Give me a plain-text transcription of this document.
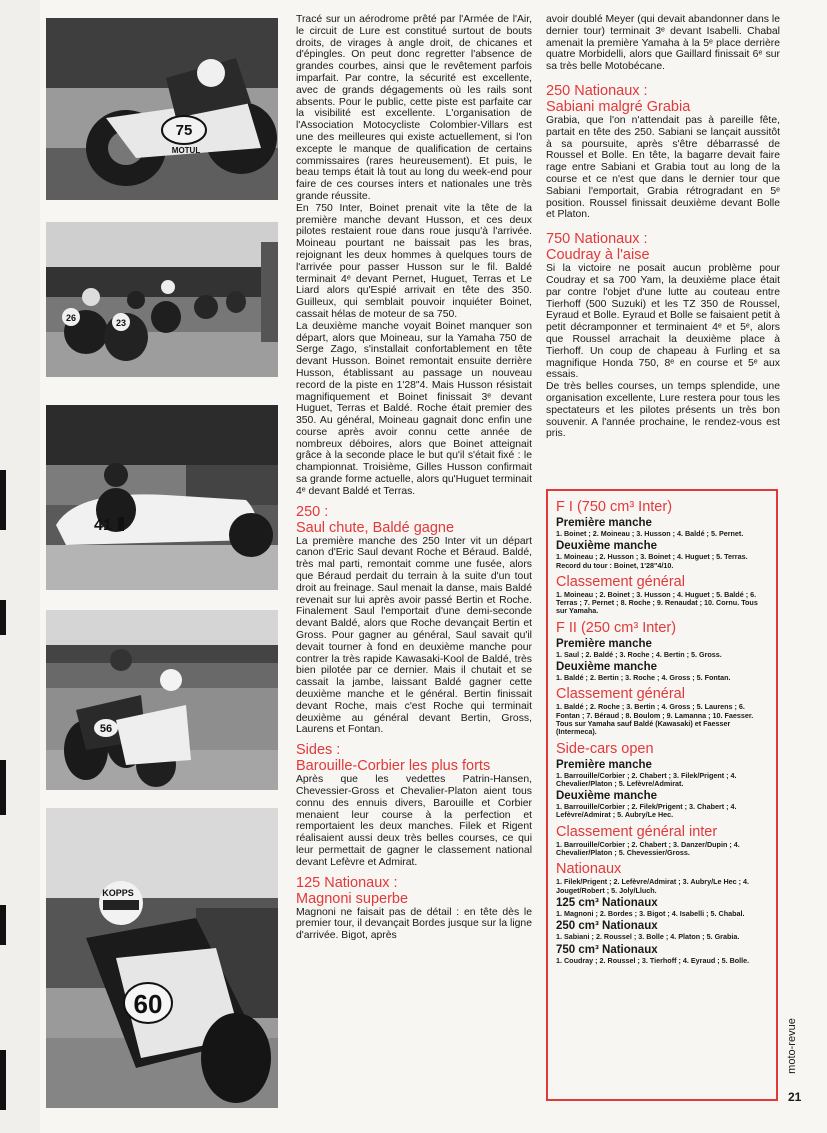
75
MOTUL
26	23
41
56
KOPPS
60

Tracé sur un aérodrome prêté par l'Armée de l'Air, le circuit de Lure est constitué surtout de bouts droits, de virages à angle droit, de chicanes et d'épingles. On peut donc regretter l'absence de grandes courbes, ainsi que le revêtement parfois imparfait. Par contre, la sécurité est excellente, avec de grands dégagements où les rails sont absents. Pour le public, cette piste est parfaite car la visibilité est excellente. L'organisation de l'Association Motocycliste Colombier-Villars est une des meilleures qui existe actuellement, si l'on excepte le manque de qualification de certains commissaires (rares heureusement). Et puis, le beau temps était là tout au long du week-end pour faire de ces courses inters et nationales une très grande réussite.

En 750 Inter, Boinet prenait vite la tête de la première manche devant Husson, et ces deux pilotes restaient roue dans roue jusqu'à l'arrivée. Moineau pourtant ne baissait pas les bras, rejoignant les deux hommes à quelques tours de l'arrivée pour passer Husson sur le fil. Baldé terminait 4ᵉ devant Pernet, Huguet, Terras et Le Liard alors qu'Espié arrivait en tête des 350. Guilleux, qui semblait pouvoir inquiéter Boinet, cassait hélas de moteur de sa 750.

La deuxième manche voyait Boinet manquer son départ, alors que Moineau, sur la Yamaha 750 de Serge Zago, s'installait confortablement en tête devant Husson. Boinet remontait ensuite derrière Husson, établissant au passage un nouveau record de la piste en 1'28"4. Mais Husson résistait magnifiquement et Boinet finissait 3ᵉ devant Huguet, Terras et Baldé. Roche était premier des 350. Au général, Moineau gagnait donc enfin une course après avoir connu cette année de nombreux déboires, alors que Boinet atteignait grâce à la seconde place le but qu'il s'était fixé : le championnat. Troisième, Gilles Husson confirmait sa grande forme actuelle, alors qu'Huguet terminait 4ᵉ devant Baldé et Terras.

250 :
Saul chute, Baldé gagne

La première manche des 250 Inter vit un départ canon d'Eric Saul devant Roche et Béraud. Baldé, très mal parti, remontait comme une fusée, alors que Béraud perdait du terrain à la suite d'un tout droit au freinage. Saul menait la danse, mais Baldé revenait sur lui après avoir passé Bertin et Roche. Finalement Saul l'emportait d'une demi-seconde devant Baldé, alors que Roche devançait Bertin et Gross. Pour gagner au général, Saul savait qu'il devait tourner à fond en deuxième manche pour contrer la très rapide Kawasaki-Kool de Baldé, très bien pilotée par ce dernier. Mais il chutait et se cassait la jambe, laissant Baldé gagner cette deuxième manche et le général. Bertin finissait devant Roche, mais c'est Roche qui terminait deuxième au général devant Bertin, Gross, Laurens et Fontan.

Sides :
Barouille-Corbier les plus forts

Après que les vedettes Patrin-Hansen, Chevessier-Gross et Chevalier-Platon aient tous connu des ennuis divers, Barouille et Corbier menaient leur course à la perfection et remportaient les deux manches. Filek et Rigent réalisaient aussi deux très belles courses, ce qui leur permettait de gagner le classement national devant Lefèvre et Admirat.

125 Nationaux :
Magnoni superbe

Magnoni ne faisait pas de détail : en tête dès le premier tour, il devançait Bordes jusque sur la ligne d'arrivée. Bigot, après

avoir doublé Meyer (qui devait abandonner dans le dernier tour) terminait 3ᵉ devant Isabelli. Chabal amenait la première Yamaha à la 5ᵉ place derrière quatre Morbidelli, alors que Gaillard finissait 6ᵉ sur sa très belle Motobécane.

250 Nationaux :
Sabiani malgré Grabia

Grabia, que l'on n'attendait pas à pareille fête, partait en tête des 250. Sabiani se lançait aussitôt à sa poursuite, après s'être débarrassé de Roussel et Bolle. En tête, la bagarre devait faire rage entre Sabiani et Grabia tout au long de la course et ce n'est que dans le dernier tour que Sabiani l'emportait, Grabia rétrogradant en 5ᵉ position. Roussel finissait deuxième devant Bolle et Platon.

750 Nationaux :
Coudray à l'aise

Si la victoire ne posait aucun problème pour Coudray et sa 700 Yam, la deuxième place était par contre l'objet d'une lutte au couteau entre Tierhoff (500 Suzuki) et les TZ 350 de Roussel, Eyraud et Bolle. Eyraud et Bolle se faisaient petit à petit décramponner et terminaient 4ᵉ et 5ᵉ, alors que Roussel arrachait la deuxième place à Tierhoff. Un coup de chapeau à Furling et sa magnifique Honda 750, 8ᵉ en course et 5ᵉ aux essais.

De très belles courses, un temps splendide, une organisation excellente, Lure restera pour tous les spectateurs et les pilotes présents un très bon souvenir. A l'année prochaine, le rendez-vous est pris.

F I (750 cm³ Inter)
Première manche
1. Boinet ; 2. Moineau ; 3. Husson ; 4. Baldé ; 5. Pernet.
Deuxième manche
1. Moineau ; 2. Husson ; 3. Boinet ; 4. Huguet ; 5. Terras. Record du tour : Boinet, 1'28"4/10.
Classement général
1. Moineau ; 2. Boinet ; 3. Husson ; 4. Huguet ; 5. Baldé ; 6. Terras ; 7. Pernet ; 8. Roche ; 9. Renaudat ; 10. Cornu. Tous sur Yamaha.
F II (250 cm³ Inter)
Première manche
1. Saul ; 2. Baldé ; 3. Roche ; 4. Bertin ; 5. Gross.
Deuxième manche
1. Baldé ; 2. Bertin ; 3. Roche ; 4. Gross ; 5. Fontan.
Classement général
1. Baldé ; 2. Roche ; 3. Bertin ; 4. Gross ; 5. Laurens ; 6. Fontan ; 7. Béraud ; 8. Boulom ; 9. Lamanna ; 10. Faesser. Tous sur Yamaha sauf Baldé (Kawasaki) et Faesser (Intermeca).
Side-cars open
Première manche
1. Barrouille/Corbier ; 2. Chabert ; 3. Filek/Prigent ; 4. Chevalier/Platon ; 5. Lefèvre/Admirat.
Deuxième manche
1. Barrouille/Corbier ; 2. Filek/Prigent ; 3. Chabert ; 4. Lefèvre/Admirat ; 5. Aubry/Le Hec.
Classement général inter
1. Barrouille/Corbier ; 2. Chabert ; 3. Danzer/Dupin ; 4. Chevalier/Platon ; 5. Chevessier/Gross.
Nationaux
1. Filek/Prigent ; 2. Lefèvre/Admirat ; 3. Aubry/Le Hec ; 4. Jouget/Robert ; 5. Joly/Lluch.
125 cm³ Nationaux
1. Magnoni ; 2. Bordes ; 3. Bigot ; 4. Isabelli ; 5. Chabal.
250 cm³ Nationaux
1. Sabiani ; 2. Roussel ; 3. Bolle ; 4. Platon ; 5. Grabia.
750 cm³ Nationaux
1. Coudray ; 2. Roussel ; 3. Tierhoff ; 4. Eyraud ; 5. Bolle.
moto-revue
21
